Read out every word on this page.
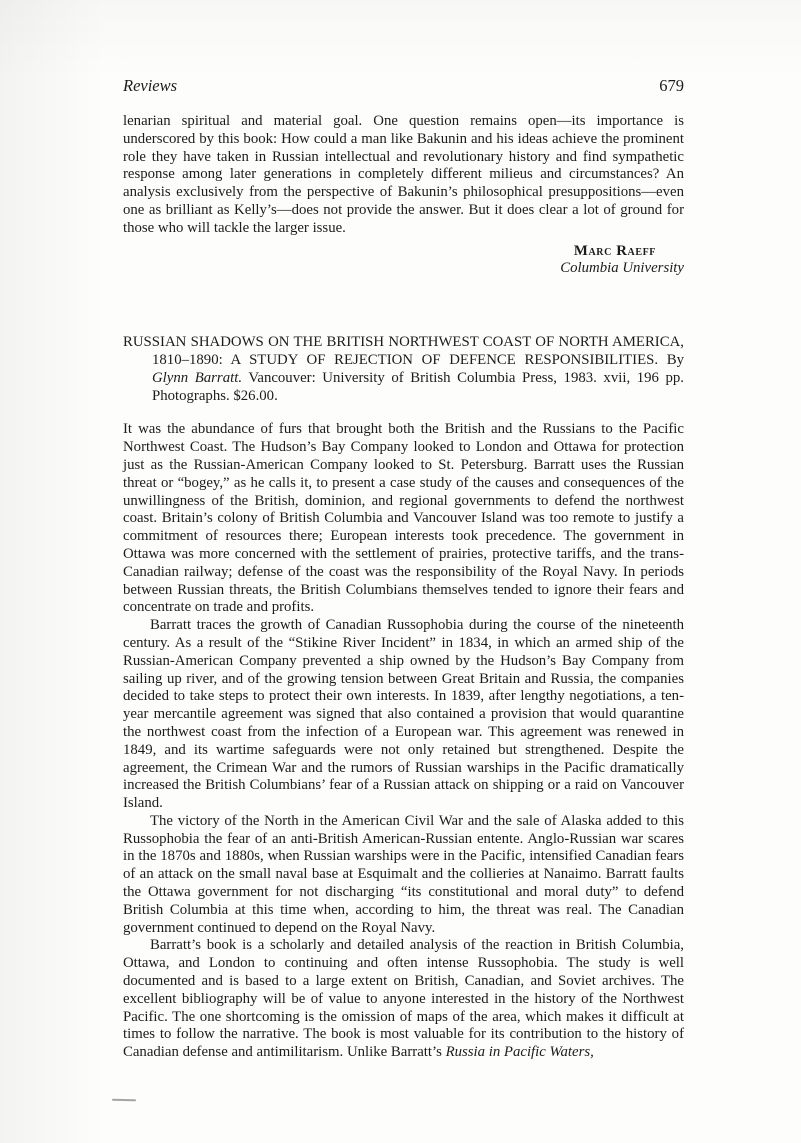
Reviews	679

lenarian spiritual and material goal. One question remains open—its importance is underscored by this book: How could a man like Bakunin and his ideas achieve the prominent role they have taken in Russian intellectual and revolutionary history and find sympathetic response among later generations in completely different milieus and circumstances? An analysis exclusively from the perspective of Bakunin’s philosophical presuppositions—even one as brilliant as Kelly’s—does not provide the answer. But it does clear a lot of ground for those who will tackle the larger issue.

Marc Raeff
Columbia University

RUSSIAN SHADOWS ON THE BRITISH NORTHWEST COAST OF NORTH AMERICA, 1810–1890: A STUDY OF REJECTION OF DEFENCE RESPONSIBILITIES. By Glynn Barratt. Vancouver: University of British Columbia Press, 1983. xvii, 196 pp. Photographs. $26.00.

It was the abundance of furs that brought both the British and the Russians to the Pacific Northwest Coast. The Hudson’s Bay Company looked to London and Ottawa for protection just as the Russian-American Company looked to St. Petersburg. Barratt uses the Russian threat or “bogey,” as he calls it, to present a case study of the causes and consequences of the unwillingness of the British, dominion, and regional governments to defend the northwest coast. Britain’s colony of British Columbia and Vancouver Island was too remote to justify a commitment of resources there; European interests took precedence. The government in Ottawa was more concerned with the settlement of prairies, protective tariffs, and the trans-Canadian railway; defense of the coast was the responsibility of the Royal Navy. In periods between Russian threats, the British Columbians themselves tended to ignore their fears and concentrate on trade and profits.

Barratt traces the growth of Canadian Russophobia during the course of the nineteenth century. As a result of the “Stikine River Incident” in 1834, in which an armed ship of the Russian-American Company prevented a ship owned by the Hudson’s Bay Company from sailing up river, and of the growing tension between Great Britain and Russia, the companies decided to take steps to protect their own interests. In 1839, after lengthy negotiations, a ten-year mercantile agreement was signed that also contained a provision that would quarantine the northwest coast from the infection of a European war. This agreement was renewed in 1849, and its wartime safeguards were not only retained but strengthened. Despite the agreement, the Crimean War and the rumors of Russian warships in the Pacific dramatically increased the British Columbians’ fear of a Russian attack on shipping or a raid on Vancouver Island.

The victory of the North in the American Civil War and the sale of Alaska added to this Russophobia the fear of an anti-British American-Russian entente. Anglo-Russian war scares in the 1870s and 1880s, when Russian warships were in the Pacific, intensified Canadian fears of an attack on the small naval base at Esquimalt and the collieries at Nanaimo. Barratt faults the Ottawa government for not discharging “its constitutional and moral duty” to defend British Columbia at this time when, according to him, the threat was real. The Canadian government continued to depend on the Royal Navy.

Barratt’s book is a scholarly and detailed analysis of the reaction in British Columbia, Ottawa, and London to continuing and often intense Russophobia. The study is well documented and is based to a large extent on British, Canadian, and Soviet archives. The excellent bibliography will be of value to anyone interested in the history of the Northwest Pacific. The one shortcoming is the omission of maps of the area, which makes it difficult at times to follow the narrative. The book is most valuable for its contribution to the history of Canadian defense and antimilitarism. Unlike Barratt’s Russia in Pacific Waters,
